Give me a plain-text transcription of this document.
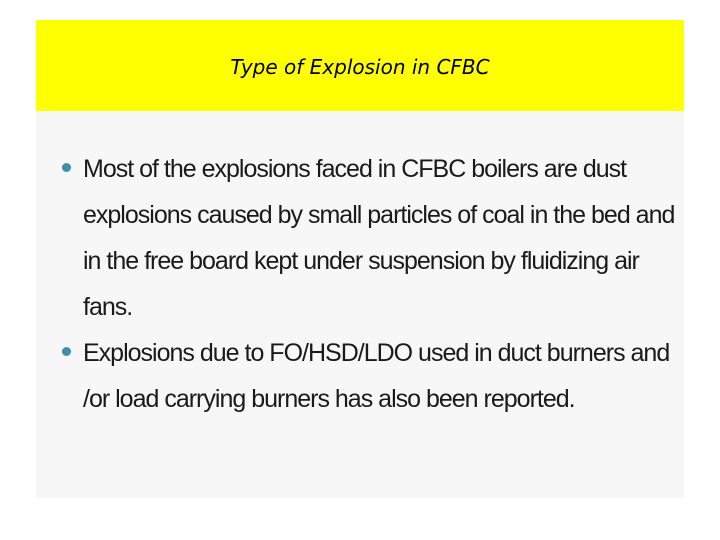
Type of Explosion in CFBC
Most of the explosions faced in CFBC boilers are dust explosions caused by small particles of coal in the bed and in the free board kept under suspension by fluidizing air fans.
Explosions due to FO/HSD/LDO used in duct burners and /or load carrying burners has also been reported.
